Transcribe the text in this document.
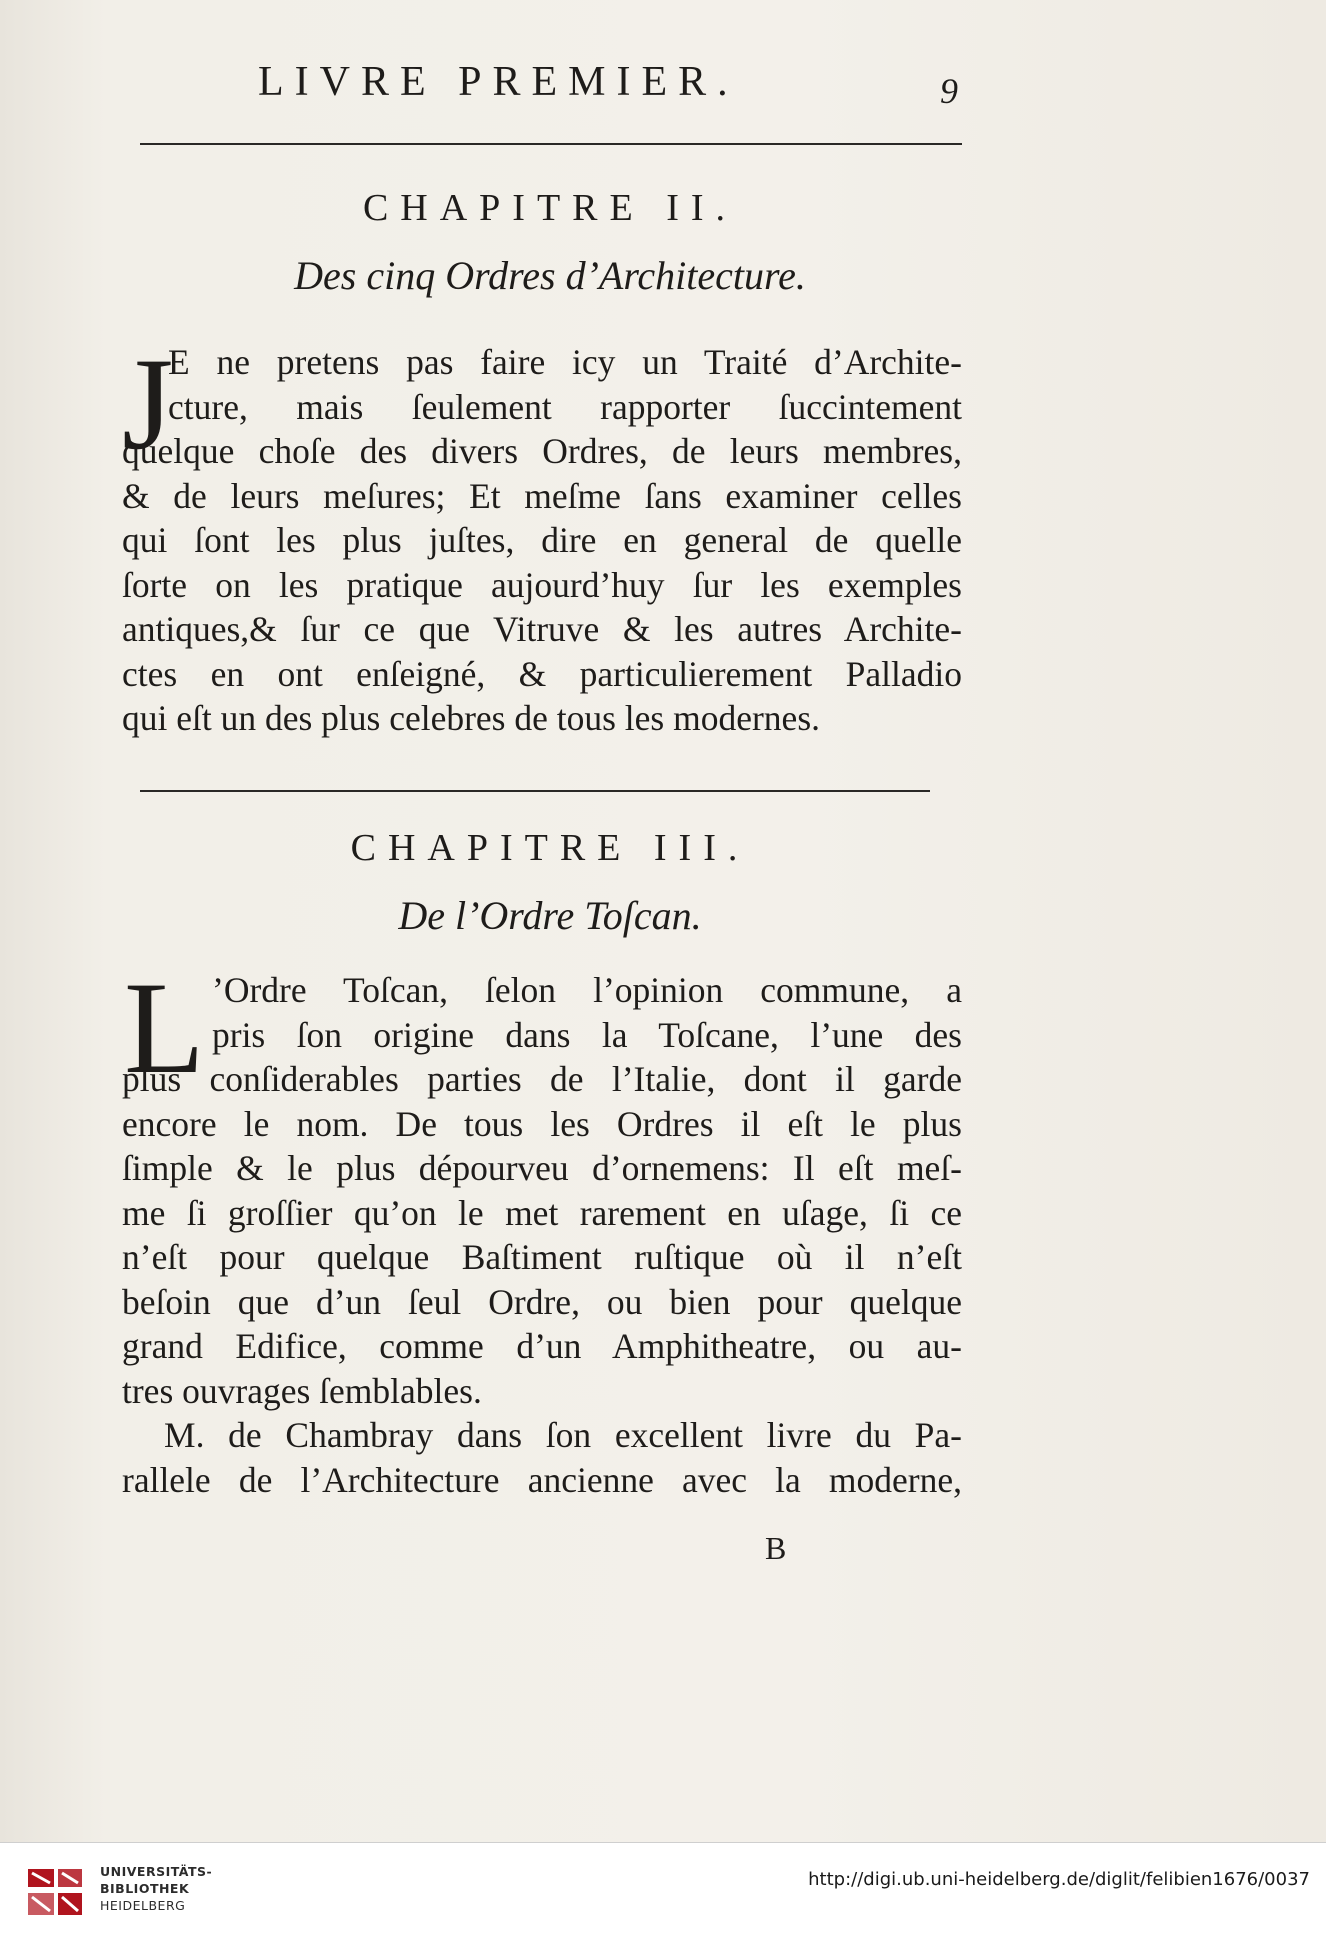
LIVRE PREMIER.	9
CHAPITRE II.
Des cinq Ordres d’Architecture.
J
E ne pretens pas faire icy un Traité d’Archite-
cture, mais ſeulement rapporter ſuccintement
quelque choſe des divers Ordres, de leurs membres,
& de leurs meſures; Et meſme ſans examiner celles
qui ſont les plus juſtes, dire en general de quelle
ſorte on les pratique aujourd’huy ſur les exemples
antiques,& ſur ce que Vitruve & les autres Archite-
ctes en ont enſeigné, & particulierement Palladio
qui eſt un des plus celebres de tous les modernes.
CHAPITRE III.
De l’Ordre Toſcan.
L ’Ordre Toſcan, ſelon l’opinion commune, a
pris ſon origine dans la Toſcane, l’une des
plus conſiderables parties de l’Italie, dont il garde
encore le nom. De tous les Ordres il eſt le plus
ſimple & le plus dépourveu d’ornemens: Il eſt meſ-
me ſi groſſier qu’on le met rarement en uſage, ſi ce
n’eſt pour quelque Baſtiment ruſtique où il n’eſt
beſoin que d’un ſeul Ordre, ou bien pour quelque
grand Edifice, comme d’un Amphitheatre, ou au-
tres ouvrages ſemblables.
M. de Chambray dans ſon excellent livre du Pa-
rallele de l’Architecture ancienne avec la moderne,
B
UNIVERSITÄTS-
BIBLIOTHEK
HEIDELBERG
http://digi.ub.uni-heidelberg.de/diglit/felibien1676/0037
